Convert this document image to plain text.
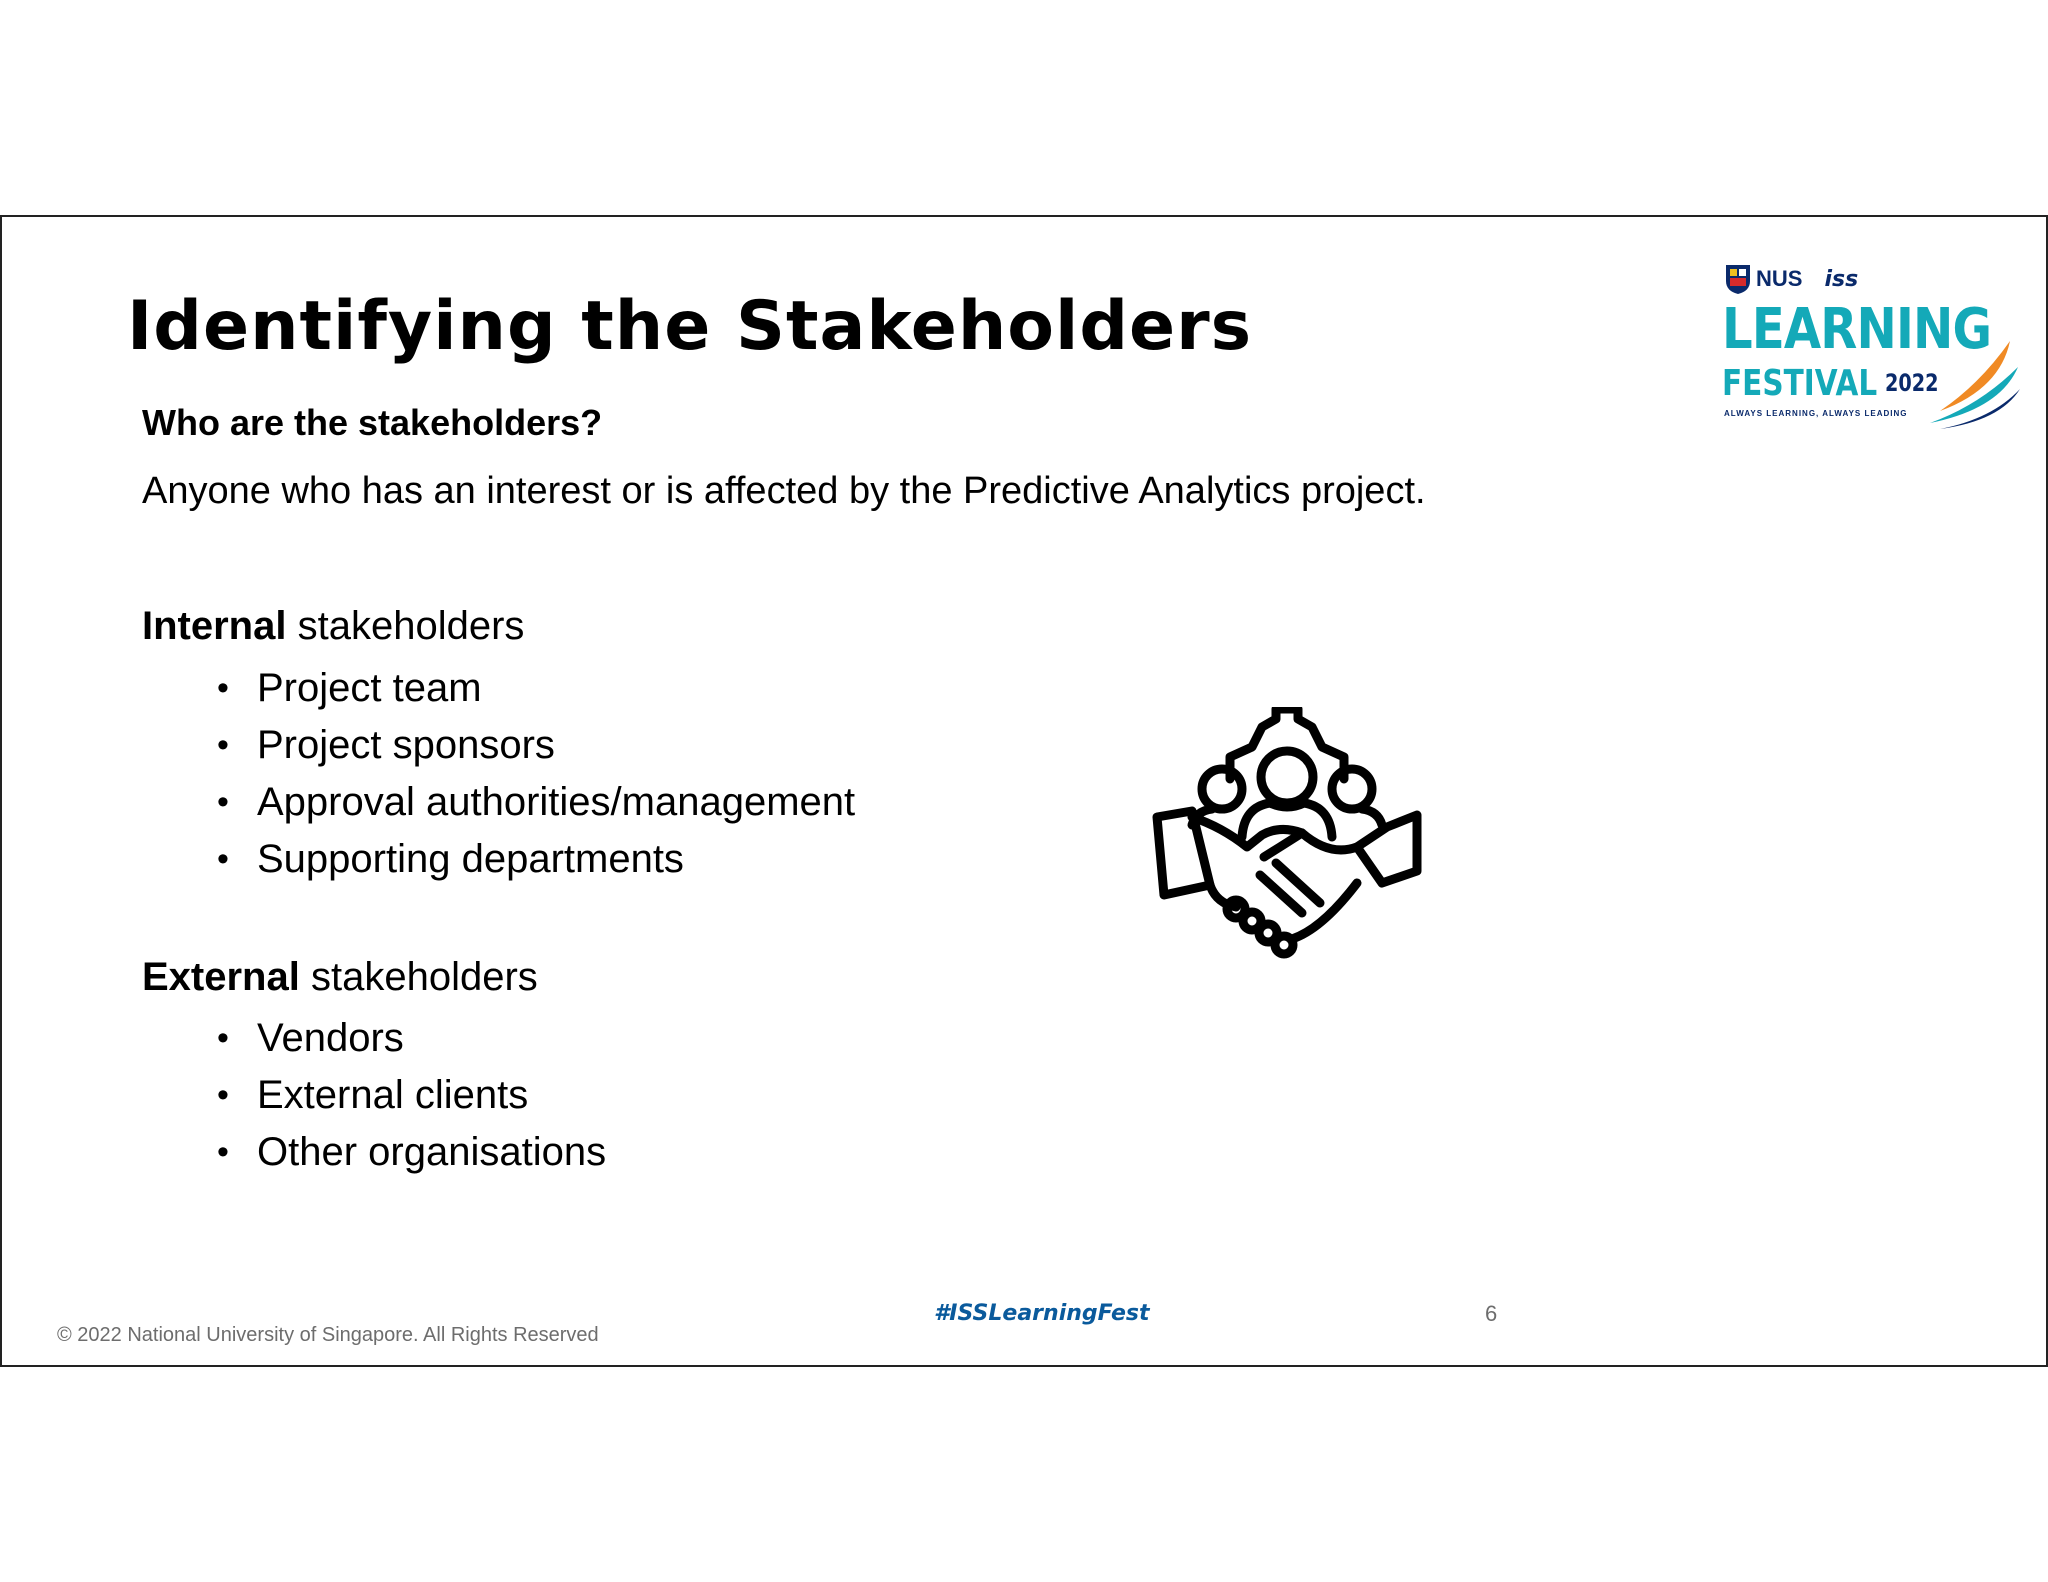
Identifying the Stakeholders

Who are the stakeholders?

Anyone who has an interest or is affected by the Predictive Analytics project.

Internal stakeholders

• Project team
• Project sponsors
• Approval authorities/management
• Supporting departments

External stakeholders

• Vendors
• External clients
• Other organisations
NUS iss
LEARNING
FESTIVAL 2022
ALWAYS LEARNING, ALWAYS LEADING
© 2022 National University of Singapore. All Rights Reserved
#ISSLearningFest	6
